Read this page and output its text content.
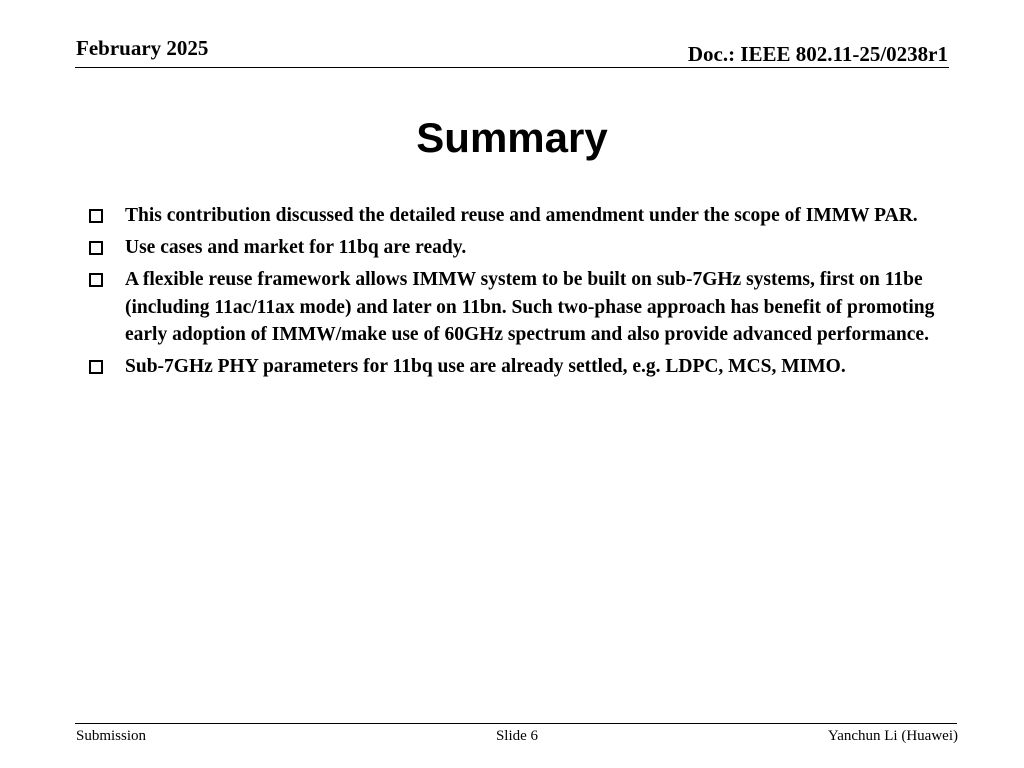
February 2025	Doc.: IEEE 802.11-25/0238r1
Summary
This contribution discussed the detailed reuse and amendment under the scope of IMMW PAR.
Use cases and market for 11bq are ready.
A flexible reuse framework allows IMMW system to be built on sub-7GHz systems, first on 11be (including 11ac/11ax mode) and later on 11bn. Such two-phase approach has benefit of promoting early adoption of IMMW/make use of 60GHz spectrum and also provide advanced performance.
Sub-7GHz PHY parameters for 11bq use are already settled, e.g. LDPC, MCS, MIMO.
Submission	Slide 6	Yanchun Li (Huawei)
